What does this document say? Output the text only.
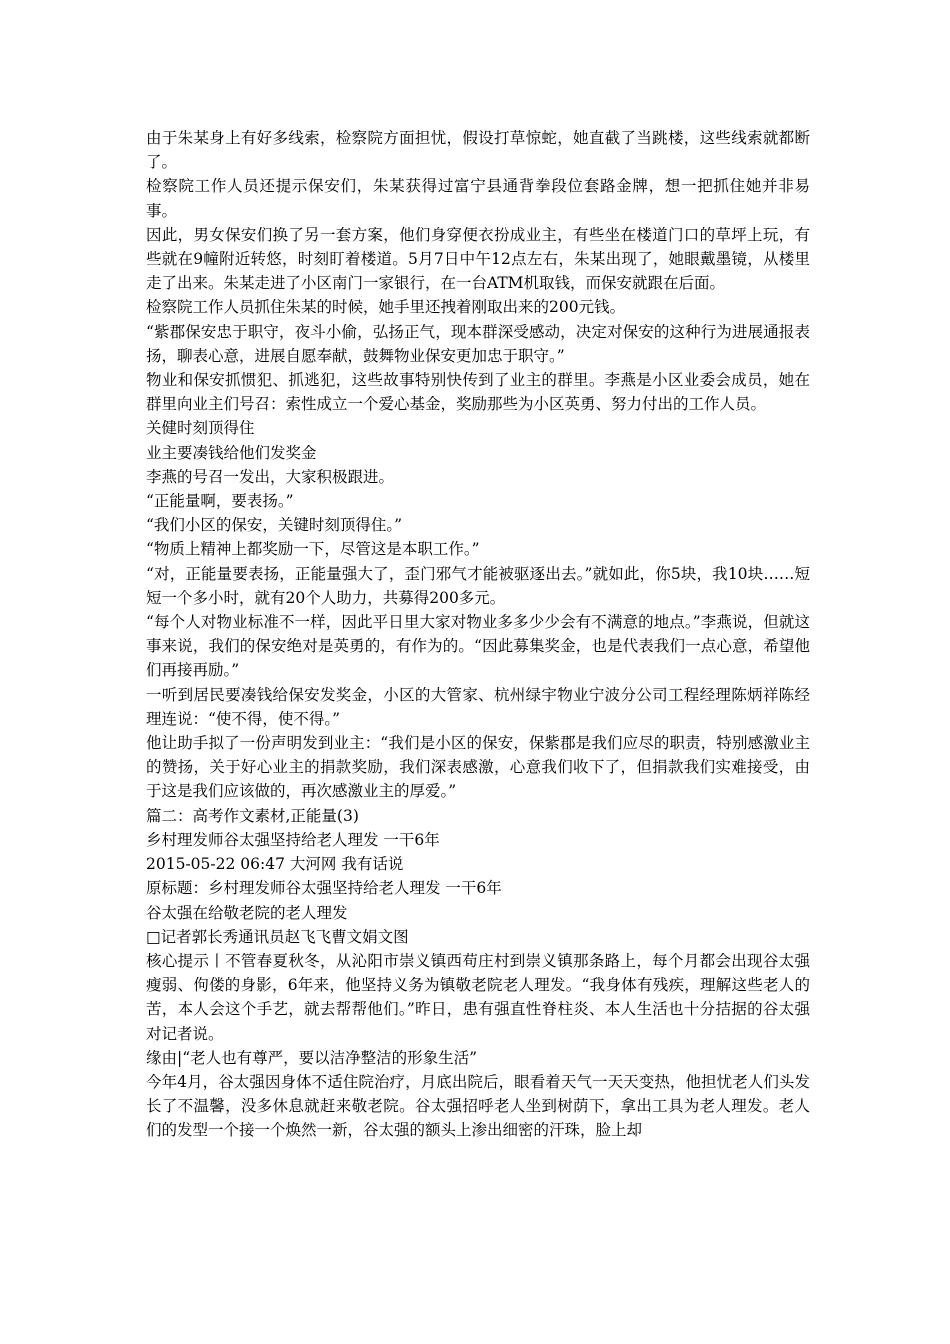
由于朱某身上有好多线索，检察院方面担忧，假设打草惊蛇，她直截了当跳楼，这些线索就都断了。

检察院工作人员还提示保安们，朱某获得过富宁县通背拳段位套路金牌，想一把抓住她并非易事。

因此，男女保安们换了另一套方案，他们身穿便衣扮成业主，有些坐在楼道门口的草坪上玩，有些就在9幢附近转悠，时刻盯着楼道。5月7日中午12点左右，朱某出现了，她眼戴墨镜，从楼里走了出来。朱某走进了小区南门一家银行，在一台ATM机取钱，而保安就跟在后面。

检察院工作人员抓住朱某的时候，她手里还拽着刚取出来的200元钱。

“紫郡保安忠于职守，夜斗小偷，弘扬正气，现本群深受感动，决定对保安的这种行为进展通报表扬，聊表心意，进展自愿奉献，鼓舞物业保安更加忠于职守。”

物业和保安抓惯犯、抓逃犯，这些故事特别快传到了业主的群里。李燕是小区业委会成员，她在群里向业主们号召：索性成立一个爱心基金，奖励那些为小区英勇、努力付出的工作人员。

关健时刻顶得住

业主要凑钱给他们发奖金

李燕的号召一发出，大家积极跟进。

“正能量啊，要表扬。”

“我们小区的保安，关键时刻顶得住。”

“物质上精神上都奖励一下，尽管这是本职工作。”

“对，正能量要表扬，正能量强大了，歪门邪气才能被驱逐出去。”就如此，你5块，我10块……短短一个多小时，就有20个人助力，共募得200多元。

“每个人对物业标准不一样，因此平日里大家对物业多多少少会有不满意的地点。”李燕说，但就这事来说，我们的保安绝对是英勇的，有作为的。“因此募集奖金，也是代表我们一点心意，希望他们再接再励。”

一听到居民要凑钱给保安发奖金，小区的大管家、杭州绿宇物业宁波分公司工程经理陈炳祥陈经理连说：“使不得，使不得。”

他让助手拟了一份声明发到业主：“我们是小区的保安，保紫郡是我们应尽的职责，特别感激业主的赞扬，关于好心业主的捐款奖励，我们深表感激，心意我们收下了，但捐款我们实难接受，由于这是我们应该做的，再次感激业主的厚爱。”

篇二：高考作文素材,正能量(3)

乡村理发师谷太强坚持给老人理发 一干6年

2015-05-22 06:47 大河网 我有话说

原标题：乡村理发师谷太强坚持给老人理发 一干6年

谷太强在给敬老院的老人理发

□记者郭长秀通讯员赵飞飞曹文娟文图

核心提示丨不管春夏秋冬，从沁阳市崇义镇西苟庄村到崇义镇那条路上，每个月都会出现谷太强瘦弱、佝偻的身影，6年来，他坚持义务为镇敬老院老人理发。“我身体有残疾，理解这些老人的苦，本人会这个手艺，就去帮帮他们。”昨日，患有强直性脊柱炎、本人生活也十分拮据的谷太强对记者说。

缘由|“老人也有尊严，要以洁净整洁的形象生活”

今年4月，谷太强因身体不适住院治疗，月底出院后，眼看着天气一天天变热，他担忧老人们头发长了不温馨，没多休息就赶来敬老院。谷太强招呼老人坐到树荫下，拿出工具为老人理发。老人们的发型一个接一个焕然一新，谷太强的额头上渗出细密的汗珠，脸上却
